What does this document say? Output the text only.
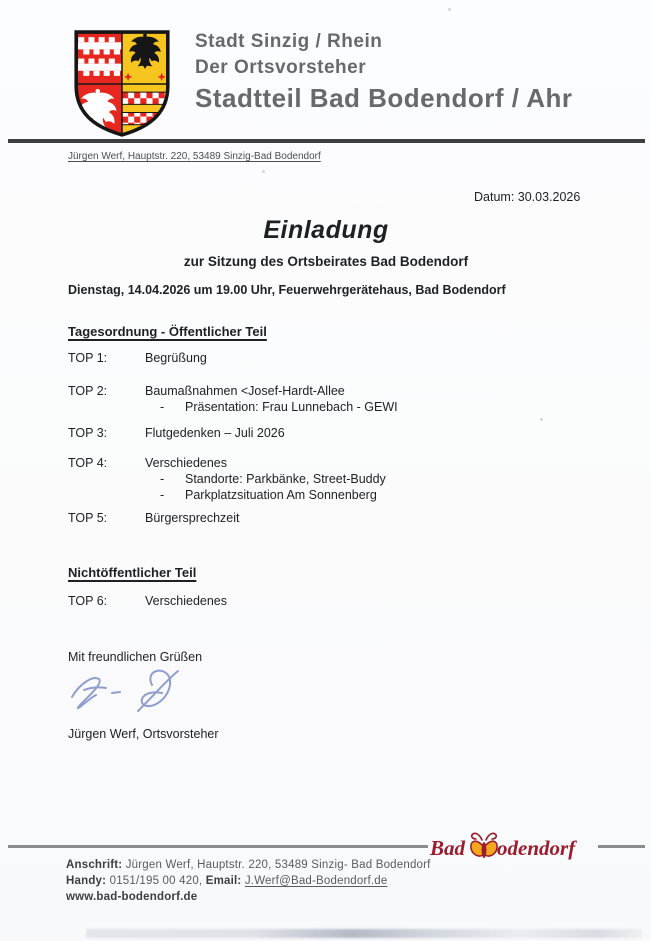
Stadt Sinzig / Rhein
Der Ortsvorsteher
Stadtteil Bad Bodendorf / Ahr
Jürgen Werf, Hauptstr. 220, 53489 Sinzig-Bad Bodendorf
Datum: 30.03.2026
· ˙ · ˙
Einladung
zur Sitzung des Ortsbeirates Bad Bodendorf
Dienstag, 14.04.2026 um 19.00 Uhr, Feuerwehrgerätehaus, Bad Bodendorf
Tagesordnung - Öffentlicher Teil
TOP 1:	Begrüßung
TOP 2:	Baumaßnahmen <Josef-Hardt-Allee
- Präsentation: Frau Lunnebach - GEWI
TOP 3:	Flutgedenken – Juli 2026
TOP 4:	Verschiedenes
- Standorte: Parkbänke, Street-Buddy
- Parkplatzsituation Am Sonnenberg
TOP 5:	Bürgersprechzeit
Nichtöffentlicher Teil
TOP 6:	Verschiedenes
Mit freundlichen Grüßen
Jürgen Werf, Ortsvorsteher
Bad odendorf
Anschrift: Jürgen Werf, Hauptstr. 220, 53489 Sinzig- Bad Bodendorf
Handy: 0151/195 00 420, Email: J.Werf@Bad-Bodendorf.de
www.bad-bodendorf.de
